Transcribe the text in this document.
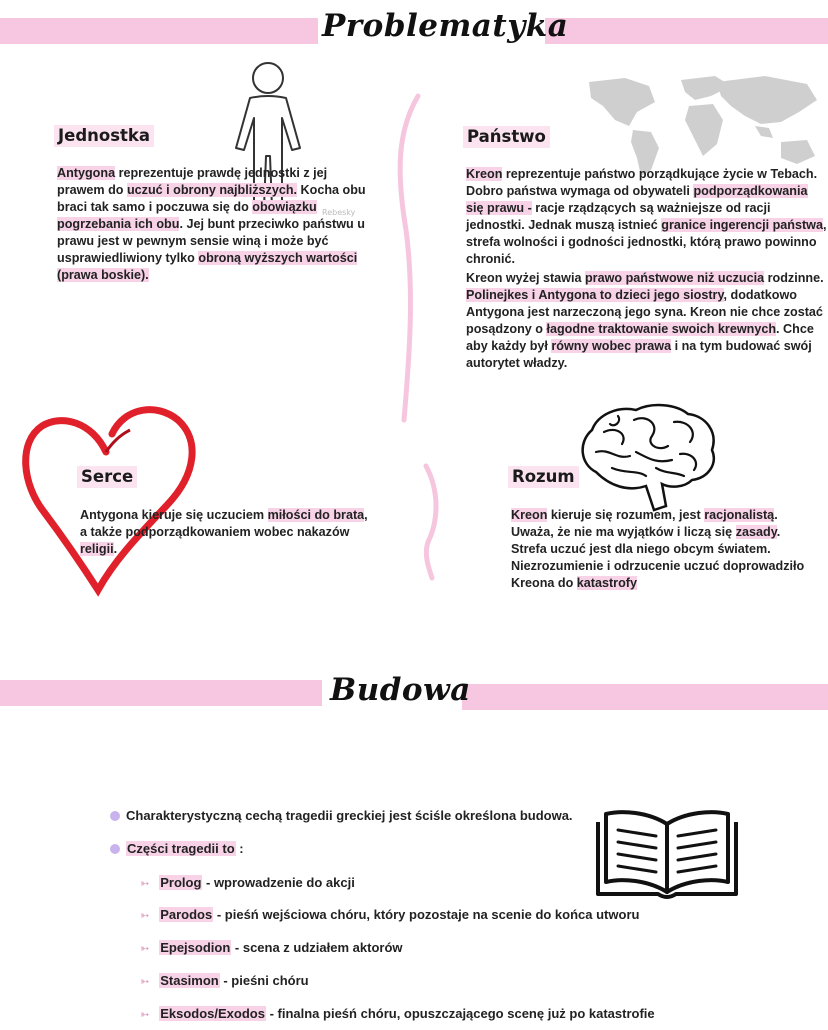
Problematyka
Jednostka
Antygona reprezentuje prawdę jednostki z jej prawem do uczuć i obrony najbliższych. Kocha obu braci tak samo i poczuwa się do obowiązku pogrzebania ich obu. Jej bunt przeciwko państwu u prawu jest w pewnym sensie winą i może być usprawiedliwiony tylko obroną wyższych wartości (prawa boskie).
Rebesky
Państwo
Kreon reprezentuje państwo porządkujące życie w Tebach. Dobro państwa wymaga od obywateli podporządkowania się prawu - racje rządzących są ważniejsze od racji jednostki. Jednak muszą istnieć granice ingerencji państwa, strefa wolności i godności jednostki, którą prawo powinno chronić.
Kreon wyżej stawia prawo państwowe niż uczucia rodzinne. Polinejkes i Antygona to dzieci jego siostry, dodatkowo Antygona jest narzeczoną jego syna. Kreon nie chce zostać posądzony o łagodne traktowanie swoich krewnych. Chce aby każdy był równy wobec prawa i na tym budować swój autorytet władzy.
Serce
Antygona kieruje się uczuciem miłości do brata, a także podporządkowaniem wobec nakazów religii.
Rozum
Kreon kieruje się rozumem, jest racjonalistą. Uważa, że nie ma wyjątków i liczą się zasady. Strefa uczuć jest dla niego obcym światem.
Niezrozumienie i odrzucenie uczuć doprowadziło Kreona do katastrofy
Budowa
Charakterystyczną cechą tragedii greckiej jest ściśle określona budowa.
Części tragedii to :
➳ Prolog - wprowadzenie do akcji
➳ Parodos - pieśń wejściowa chóru, który pozostaje na scenie do końca utworu
➳ Epejsodion - scena z udziałem aktorów
➳ Stasimon - pieśni chóru
➳ Eksodos/Exodos - finalna pieśń chóru, opuszczającego scenę już po katastrofie
